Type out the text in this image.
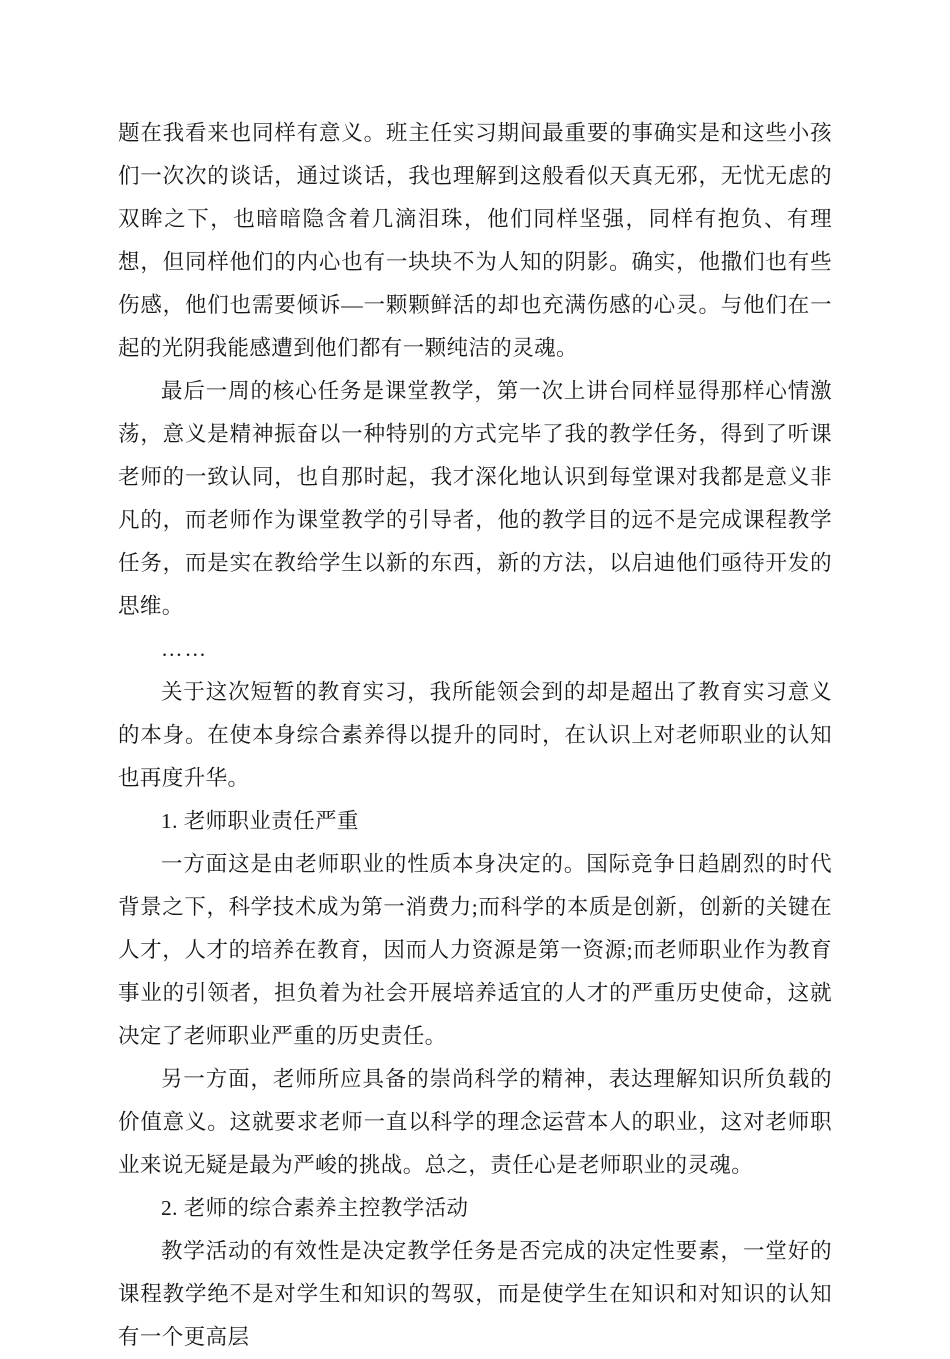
题在我看来也同样有意义。班主任实习期间最重要的事确实是和这些小孩们一次次的谈话，通过谈话，我也理解到这般看似天真无邪，无忧无虑的双眸之下，也暗暗隐含着几滴泪珠，他们同样坚强，同样有抱负、有理想，但同样他们的内心也有一块块不为人知的阴影。确实，他撒们也有些伤感，他们也需要倾诉—一颗颗鲜活的却也充满伤感的心灵。与他们在一起的光阴我能感遭到他们都有一颗纯洁的灵魂。

最后一周的核心任务是课堂教学，第一次上讲台同样显得那样心情激荡，意义是精神振奋以一种特别的方式完毕了我的教学任务，得到了听课老师的一致认同，也自那时起，我才深化地认识到每堂课对我都是意义非凡的，而老师作为课堂教学的引导者，他的教学目的远不是完成课程教学任务，而是实在教给学生以新的东西，新的方法，以启迪他们亟待开发的思维。

……

关于这次短暂的教育实习，我所能领会到的却是超出了教育实习意义的本身。在使本身综合素养得以提升的同时，在认识上对老师职业的认知也再度升华。

1. 老师职业责任严重

一方面这是由老师职业的性质本身决定的。国际竞争日趋剧烈的时代背景之下，科学技术成为第一消费力;而科学的本质是创新，创新的关键在人才，人才的培养在教育，因而人力资源是第一资源;而老师职业作为教育事业的引领者，担负着为社会开展培养适宜的人才的严重历史使命，这就决定了老师职业严重的历史责任。

另一方面，老师所应具备的崇尚科学的精神，表达理解知识所负载的价值意义。这就要求老师一直以科学的理念运营本人的职业，这对老师职业来说无疑是最为严峻的挑战。总之，责任心是老师职业的灵魂。

2. 老师的综合素养主控教学活动

教学活动的有效性是决定教学任务是否完成的决定性要素，一堂好的课程教学绝不是对学生和知识的驾驭，而是使学生在知识和对知识的认知有一个更高层
